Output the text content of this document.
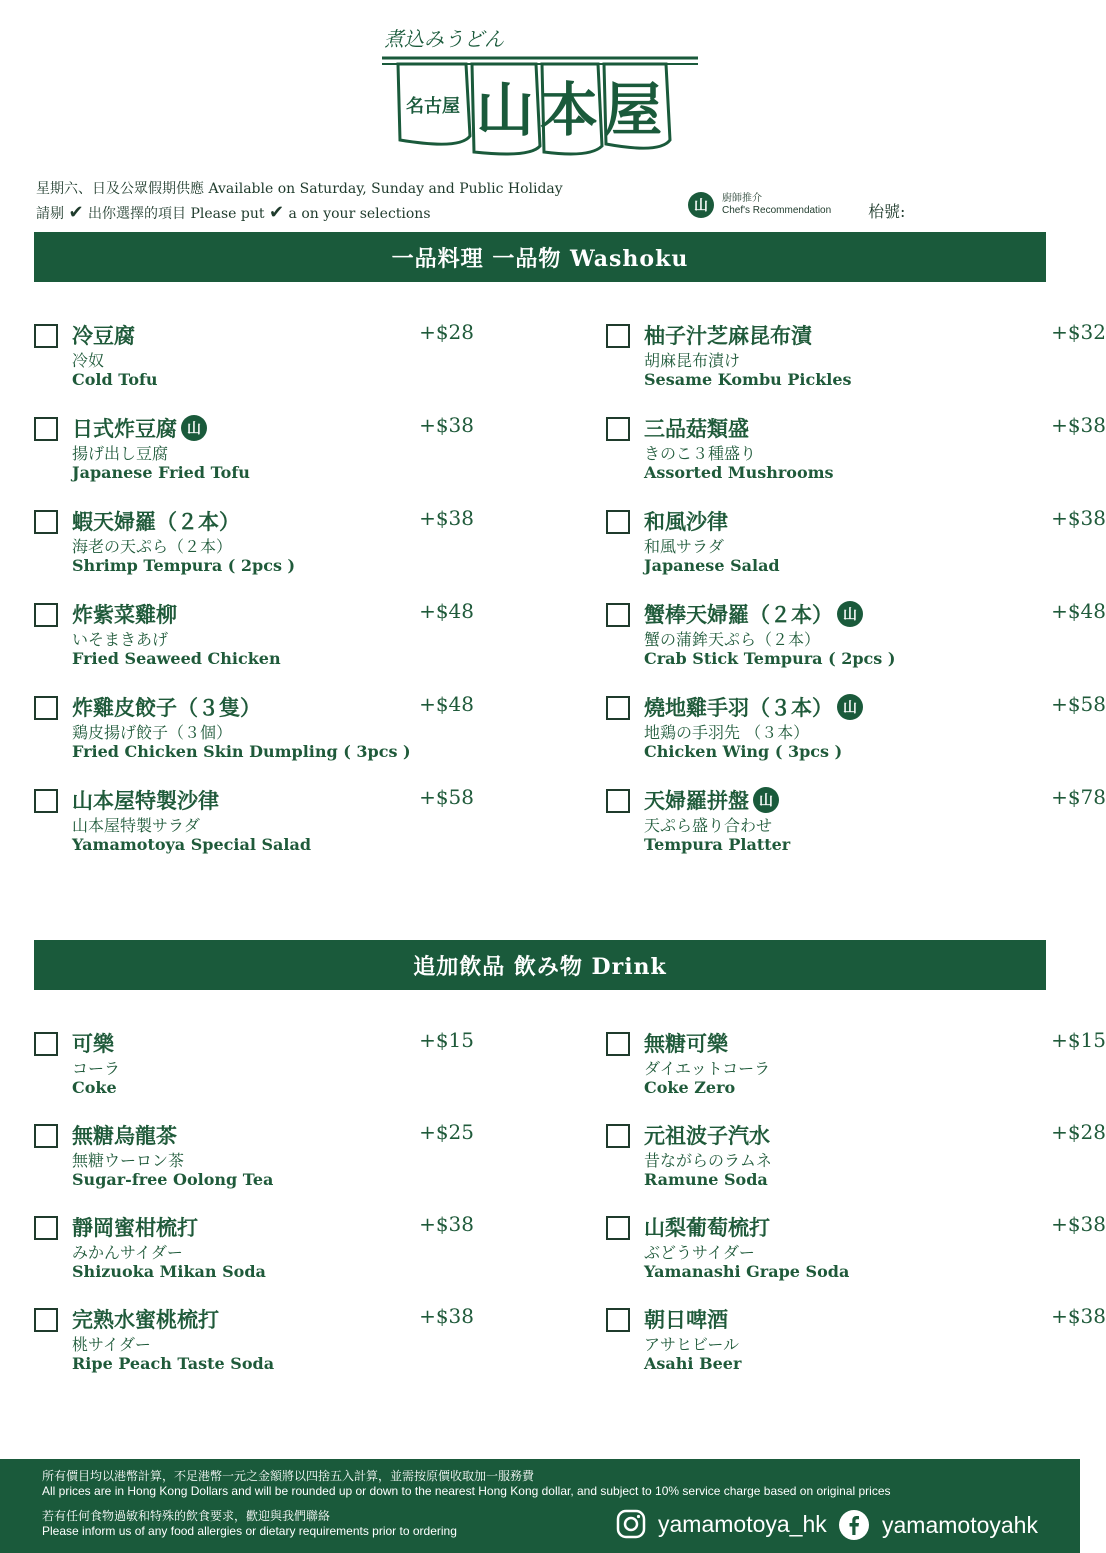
煮込みうどん
名古屋 山本屋
星期六、日及公眾假期供應 Available on Saturday, Sunday and Public Holiday
請剔 ✔ 出你選擇的項目 Please put ✔ a on your selections	山	廚師推介
Chef's Recommendation 枱號:
一品料理 一品物 Washoku
追加飲品 飲み物 Drink
冷豆腐
冷奴
Cold Tofu
+$28	柚子汁芝麻昆布漬
胡麻昆布漬け
Sesame Kombu Pickles
+$32
日式炸豆腐 山
揚げ出し豆腐
Japanese Fried Tofu
+$38	三品菇類盛
きのこ３種盛り
Assorted Mushrooms
+$38
蝦天婦羅（２本）
海老の天ぷら（２本）
Shrimp Tempura ( 2pcs )
+$38	和風沙律
和風サラダ
Japanese Salad
+$38
炸紫菜雞柳
いそまきあげ
Fried Seaweed Chicken
+$48	蟹棒天婦羅（２本） 山
蟹の蒲鉾天ぷら（２本）
Crab Stick Tempura ( 2pcs )
+$48
炸雞皮餃子（３隻）
鶏皮揚げ餃子（３個）
Fried Chicken Skin Dumpling ( 3pcs )
+$48	燒地雞手羽（３本） 山
地鶏の手羽先 （３本）
Chicken Wing ( 3pcs )
+$58
山本屋特製沙律
山本屋特製サラダ
Yamamotoya Special Salad
+$58	天婦羅拼盤 山
天ぷら盛り合わせ
Tempura Platter
+$78
可樂
コーラ
Coke
+$15	無糖可樂
ダイエットコーラ
Coke Zero
+$15
無糖烏龍茶
無糖ウーロン茶
Sugar-free Oolong Tea
+$25	元祖波子汽水
昔ながらのラムネ
Ramune Soda
+$28
靜岡蜜柑梳打
みかんサイダー
Shizuoka Mikan Soda
+$38	山梨葡萄梳打
ぶどうサイダー
Yamanashi Grape Soda
+$38
完熟水蜜桃梳打
桃サイダー
Ripe Peach Taste Soda
+$38	朝日啤酒
アサヒビール
Asahi Beer
+$38
所有價目均以港幣計算，不足港幣一元之金額將以四捨五入計算，並需按原價收取加一服務費
All prices are in Hong Kong Dollars and will be rounded up or down to the nearest Hong Kong dollar, and subject to 10% service charge based on original prices
若有任何食物過敏和特殊的飲食要求，歡迎與我們聯絡
Please inform us of any food allergies or dietary requirements prior to ordering	yamamotoya_hk yamamotoyahk
